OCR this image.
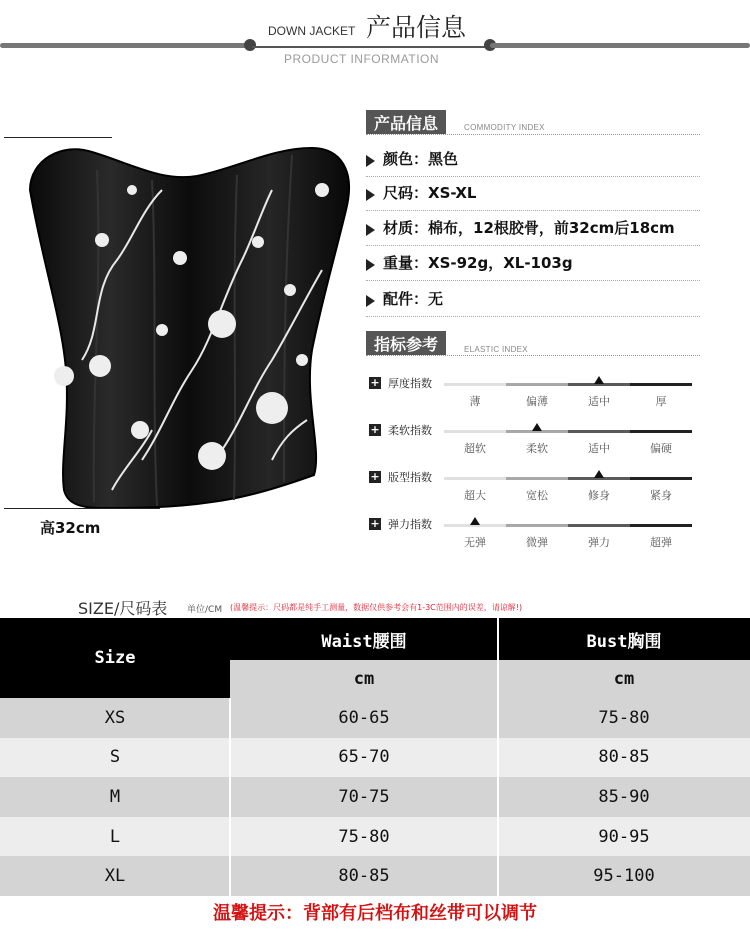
DOWN JACKET 产品信息
PRODUCT INFORMATION
高32cm
产品信息	COMMODITY INDEX
颜色：黑色
尺码：XS-XL
材质：棉布，12根胶骨，前32cm后18cm
重量：XS-92g，XL-103g
配件：无
指标参考	ELASTIC INDEX
+ 厚度指数
薄	偏薄	适中	厚
+ 柔软指数
超软	柔软	适中	偏硬
+ 版型指数
超大	宽松	修身	紧身
+ 弹力指数
无弹	微弹	弹力	超弹
SIZE/尺码表 单位/CM (温馨提示：尺码都是纯手工测量，数据仅供参考会有1-3C范围内的误差，请谅解!)
Size
Waist腰围	Bust胸围
cm	cm
XS	60-65	75-80
S	65-70	80-85
M	70-75	85-90
L	75-80	90-95
XL	80-85	95-100
温馨提示：背部有后档布和丝带可以调节
